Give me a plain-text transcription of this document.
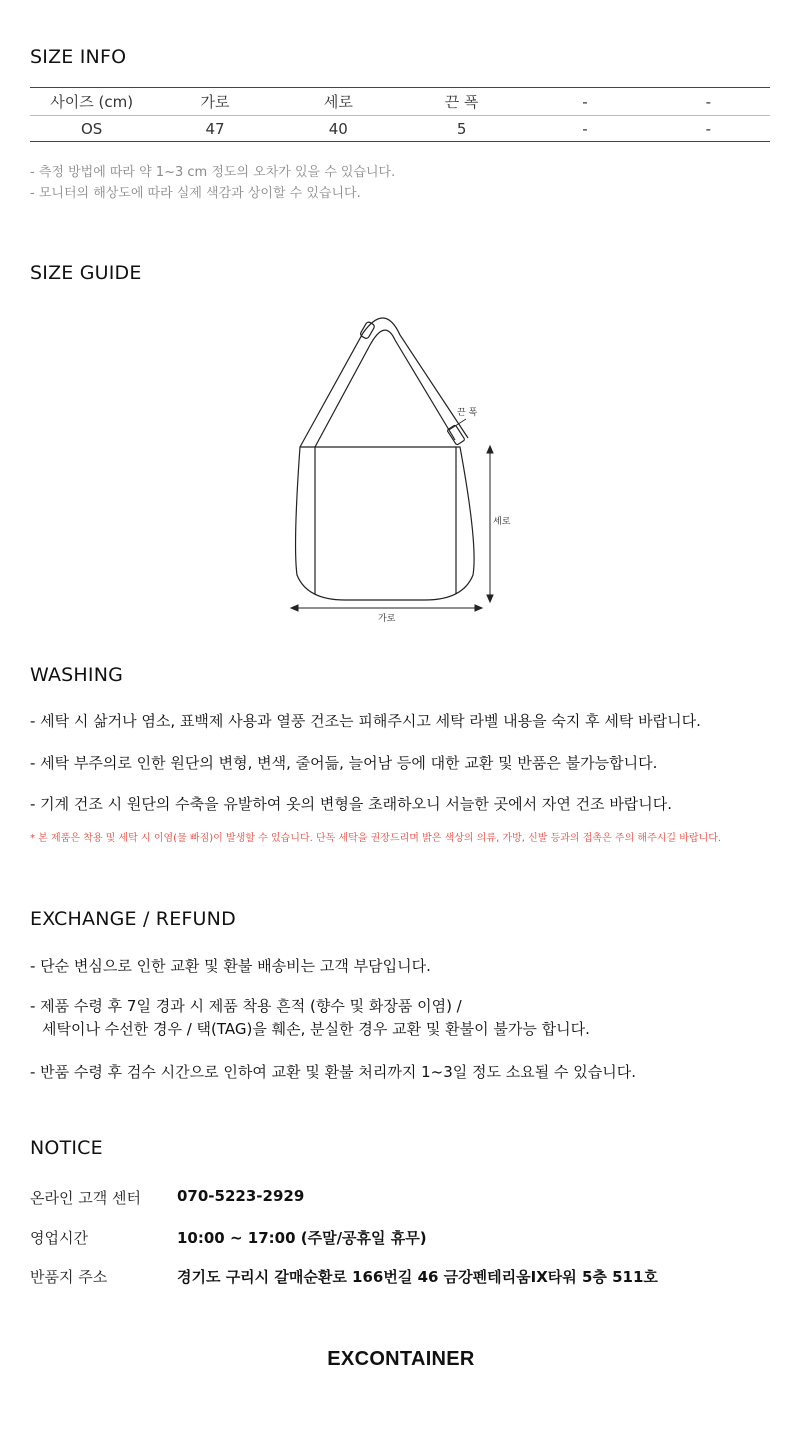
SIZE INFO
사이즈 (cm)	가로	세로	끈 폭	-	-
OS	47	40	5	-	-

- 측정 방법에 따라 약 1~3 cm 정도의 오차가 있을 수 있습니다.

- 모니터의 해상도에 따라 실제 색감과 상이할 수 있습니다.

SIZE GUIDE
끈 폭
세로
가로
WASHING

- 세탁 시 삶거나 염소, 표백제 사용과 열풍 건조는 피해주시고 세탁 라벨 내용을 숙지 후 세탁 바랍니다.

- 세탁 부주의로 인한 원단의 변형, 변색, 줄어듦, 늘어남 등에 대한 교환 및 반품은 불가능합니다.

- 기계 건조 시 원단의 수축을 유발하여 옷의 변형을 초래하오니 서늘한 곳에서 자연 건조 바랍니다.

* 본 제품은 착용 및 세탁 시 이염(물 빠짐)이 발생할 수 있습니다. 단독 세탁을 권장드리며 밝은 색상의 의류, 가방, 신발 등과의 접촉은 주의 해주시길 바랍니다.

EXCHANGE / REFUND

- 단순 변심으로 인한 교환 및 환불 배송비는 고객 부담입니다.

- 제품 수령 후 7일 경과 시 제품 착용 흔적 (향수 및 화장품 이염) /

세탁이나 수선한 경우 / 택(TAG)을 훼손, 분실한 경우 교환 및 환불이 불가능 합니다.

- 반품 수령 후 검수 시간으로 인하여 교환 및 환불 처리까지 1~3일 정도 소요될 수 있습니다.

NOTICE
온라인 고객 센터 070-5223-2929
영업시간	10:00 ~ 17:00 (주말/공휴일 휴무)
반품지 주소	경기도 구리시 갈매순환로 166번길 46 금강펜테리움IX타워 5층 511호
EXCONTAINER
